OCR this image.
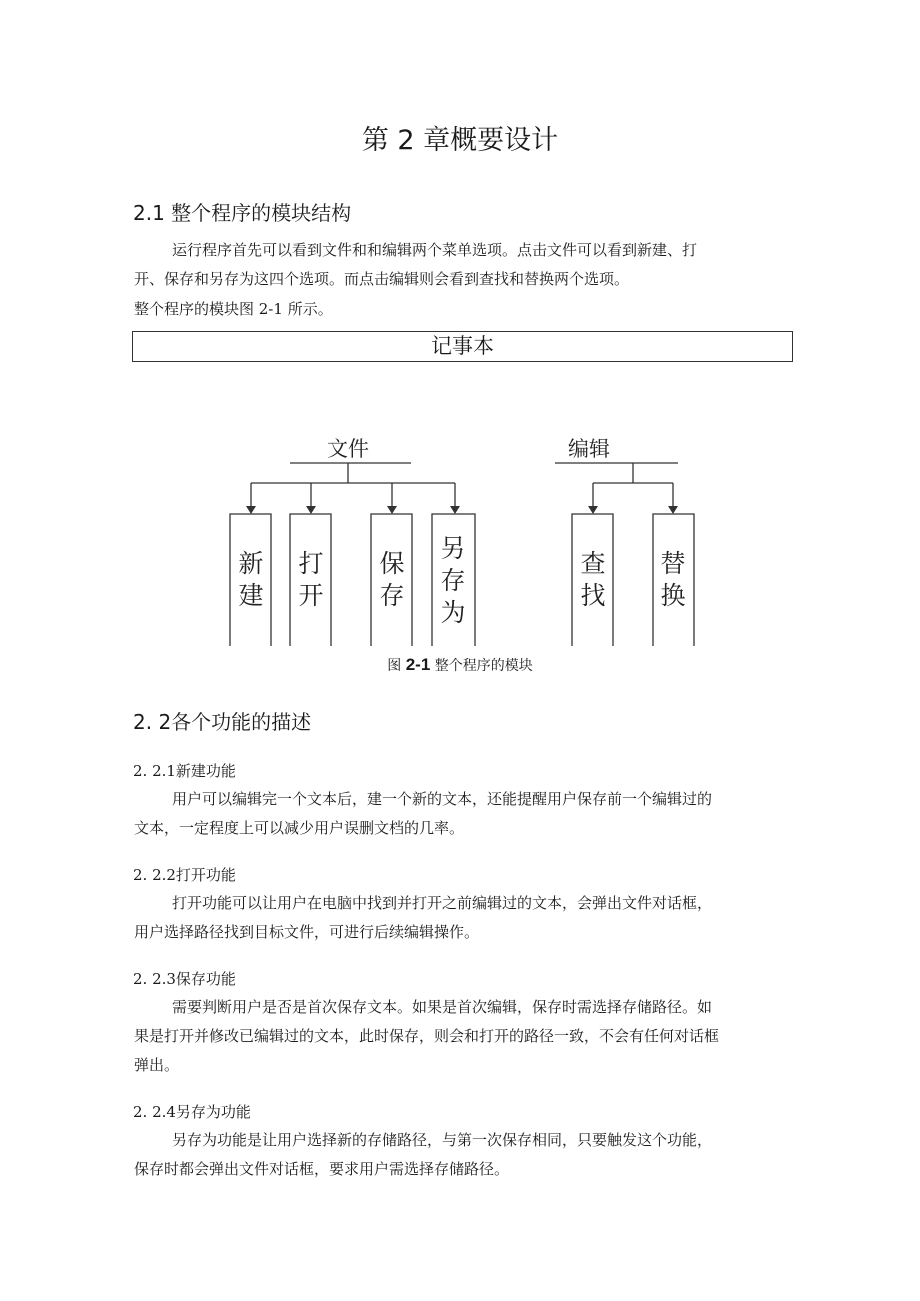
第 2 章概要设计
2.1 整个程序的模块结构
运行程序首先可以看到文件和和编辑两个菜单选项。点击文件可以看到新建、打
开、保存和另存为这四个选项。而点击编辑则会看到查找和替换两个选项。
整个程序的模块图 2-1 所示。
记事本
文件	编辑
新
建
打
开
保
存
另
存
为
查
找
替
换
图 2-1 整个程序的模块
2. 2各个功能的描述
2. 2.1新建功能

用户可以编辑完一个文本后，建一个新的文本，还能提醒用户保存前一个编辑过的

文本，一定程度上可以减少用户误删文档的几率。

2. 2.2打开功能

打开功能可以让用户在电脑中找到并打开之前编辑过的文本，会弹出文件对话框，

用户选择路径找到目标文件，可进行后续编辑操作。

2. 2.3保存功能

需要判断用户是否是首次保存文本。如果是首次编辑，保存时需选择存储路径。如

果是打开并修改已编辑过的文本，此时保存，则会和打开的路径一致，不会有任何对话框

弹出。

2. 2.4另存为功能

另存为功能是让用户选择新的存储路径，与第一次保存相同，只要触发这个功能，

保存时都会弹出文件对话框，要求用户需选择存储路径。
